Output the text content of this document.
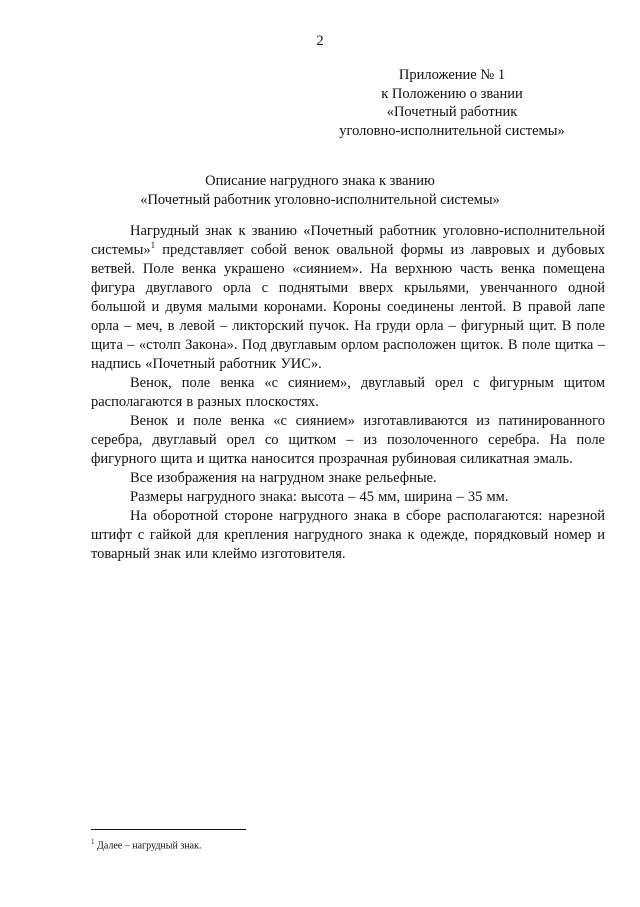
2
Приложение № 1
к Положению о звании
«Почетный работник
уголовно-исполнительной системы»
Описание нагрудного знака к званию
«Почетный работник уголовно-исполнительной системы»

Нагрудный знак к званию «Почетный работник уголовно-исполнительной системы»$^1$ представляет собой венок овальной формы из лавровых и дубовых ветвей. Поле венка украшено «сиянием». На верхнюю часть венка помещена фигура двуглавого орла с поднятыми вверх крыльями, увенчанного одной большой и двумя малыми коронами. Короны соединены лентой. В правой лапе орла – меч, в левой – ликторский пучок. На груди орла – фигурный щит. В поле щита – «столп Закона». Под двуглавым орлом расположен щиток. В поле щитка – надпись «Почетный работник УИС».

Венок, поле венка «с сиянием», двуглавый орел с фигурным щитом располагаются в разных плоскостях.

Венок и поле венка «с сиянием» изготавливаются из патинированного серебра, двуглавый орел со щитком – из позолоченного серебра. На поле фигурного щита и щитка наносится прозрачная рубиновая силикатная эмаль.

Все изображения на нагрудном знаке рельефные.

Размеры нагрудного знака: высота – 45 мм, ширина – 35 мм.

На оборотной стороне нагрудного знака в сборе располагаются: нарезной штифт с гайкой для крепления нагрудного знака к одежде, порядковый номер и товарный знак или клеймо изготовителя.

$^1$ Далее – нагрудный знак.
